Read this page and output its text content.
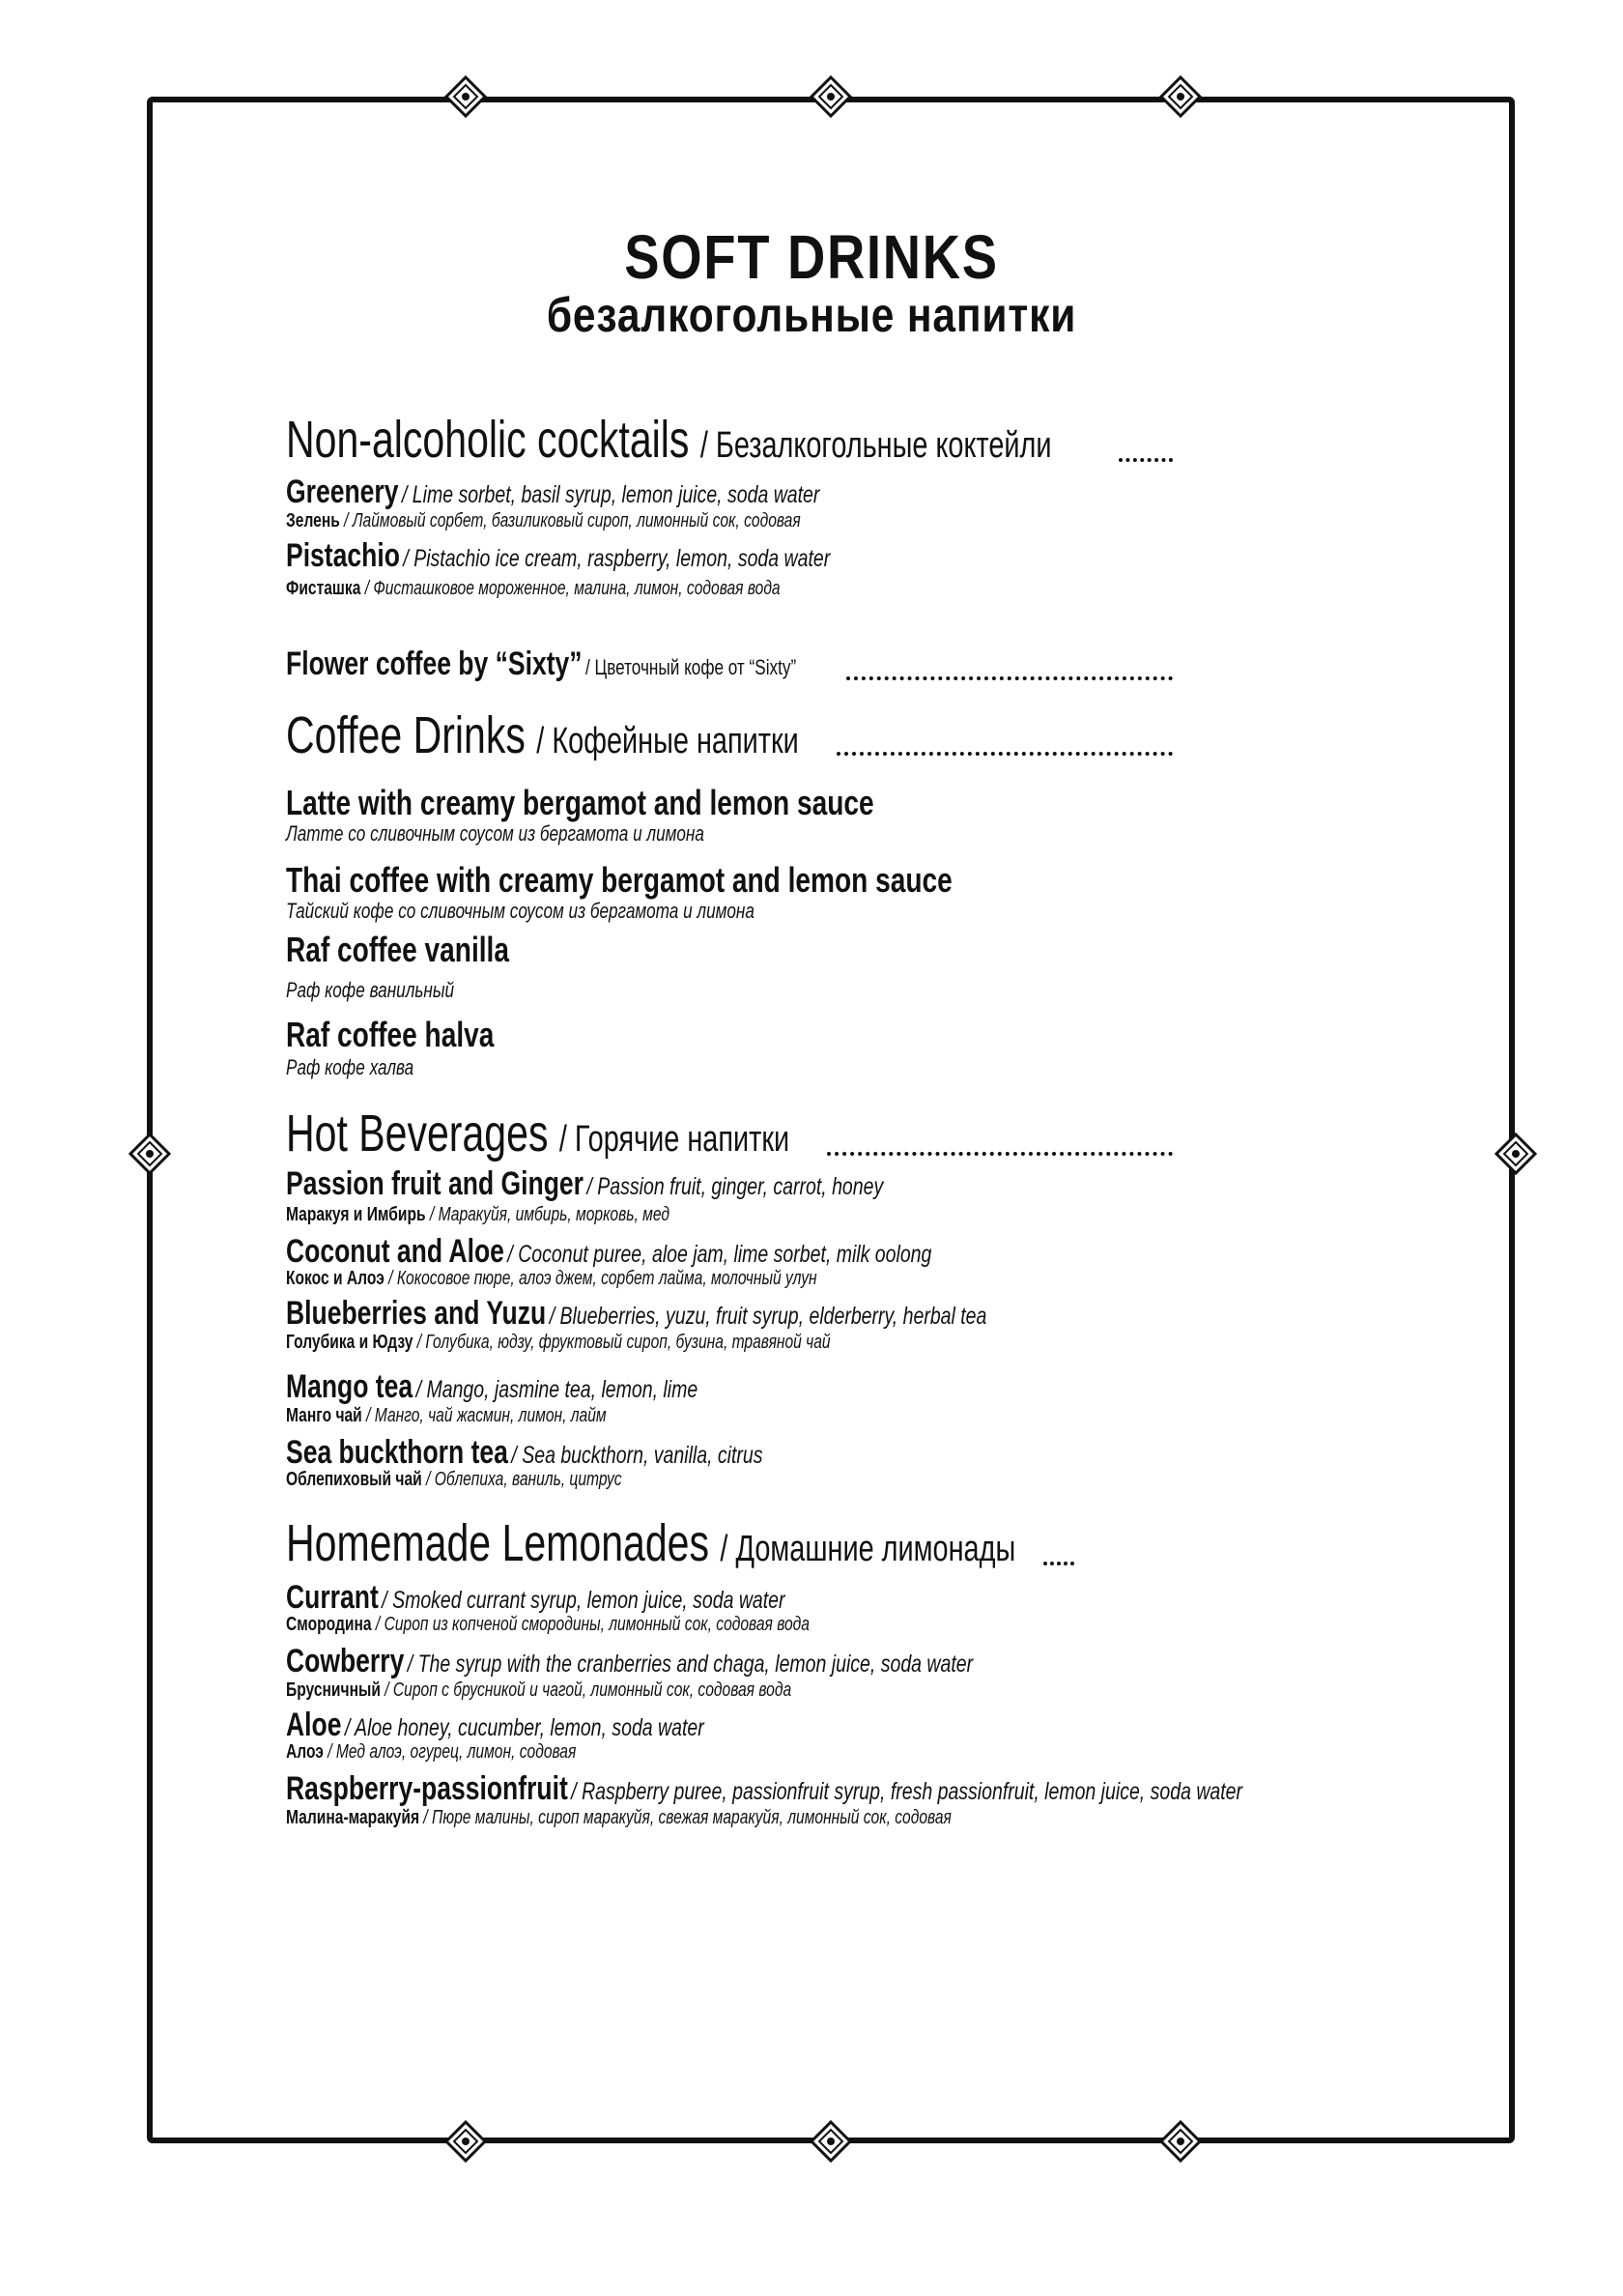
SOFT DRINKS
безалкогольные напитки
Non-alcoholic cocktails / Безалкогольные коктейли
Greenery / Lime sorbet, basil syrup, lemon juice, soda water
Зелень / Лаймовый сорбет, базиликовый сироп, лимонный сок, содовая
Pistachio / Pistachio ice cream, raspberry, lemon, soda water
Фисташка / Фисташковое мороженное, малина, лимон, содовая вода
Flower coffee by “Sixty” / Цветочный кофе от “Sixty”
Coffee Drinks / Кофейные напитки
Latte with creamy bergamot and lemon sauce
Латте со сливочным соусом из бергамота и лимона
Thai coffee with creamy bergamot and lemon sauce
Тайский кофе со сливочным соусом из бергамота и лимона
Raf coffee vanilla
Раф кофе ванильный
Raf coffee halva
Раф кофе халва
Hot Beverages / Горячие напитки
Passion fruit and Ginger / Passion fruit, ginger, carrot, honey
Маракуя и Имбирь / Маракуйя, имбирь, морковь, мед
Coconut and Aloe / Coconut puree, aloe jam, lime sorbet, milk oolong
Кокос и Алоэ / Кокосовое пюре, алоэ джем, сорбет лайма, молочный улун
Blueberries and Yuzu / Blueberries, yuzu, fruit syrup, elderberry, herbal tea
Голубика и Юдзу / Голубика, юдзу, фруктовый сироп, бузина, травяной чай
Mango tea / Mango, jasmine tea, lemon, lime
Манго чай / Манго, чай жасмин, лимон, лайм
Sea buckthorn tea / Sea buckthorn, vanilla, citrus
Облепиховый чай / Облепиха, ваниль, цитрус
Homemade Lemonades / Домашние лимонады
Currant / Smoked currant syrup, lemon juice, soda water
Смородина / Сироп из копченой смородины, лимонный сок, содовая вода
Cowberry / The syrup with the cranberries and chaga, lemon juice, soda water
Брусничный / Сироп с брусникой и чагой, лимонный сок, содовая вода
Aloe / Aloe honey, cucumber, lemon, soda water
Алоэ / Мед алоэ, огурец, лимон, содовая
Raspberry-passionfruit / Raspberry puree, passionfruit syrup, fresh passionfruit, lemon juice, soda water
Малина-маракуйя / Пюре малины, сироп маракуйя, свежая маракуйя, лимонный сок, содовая
